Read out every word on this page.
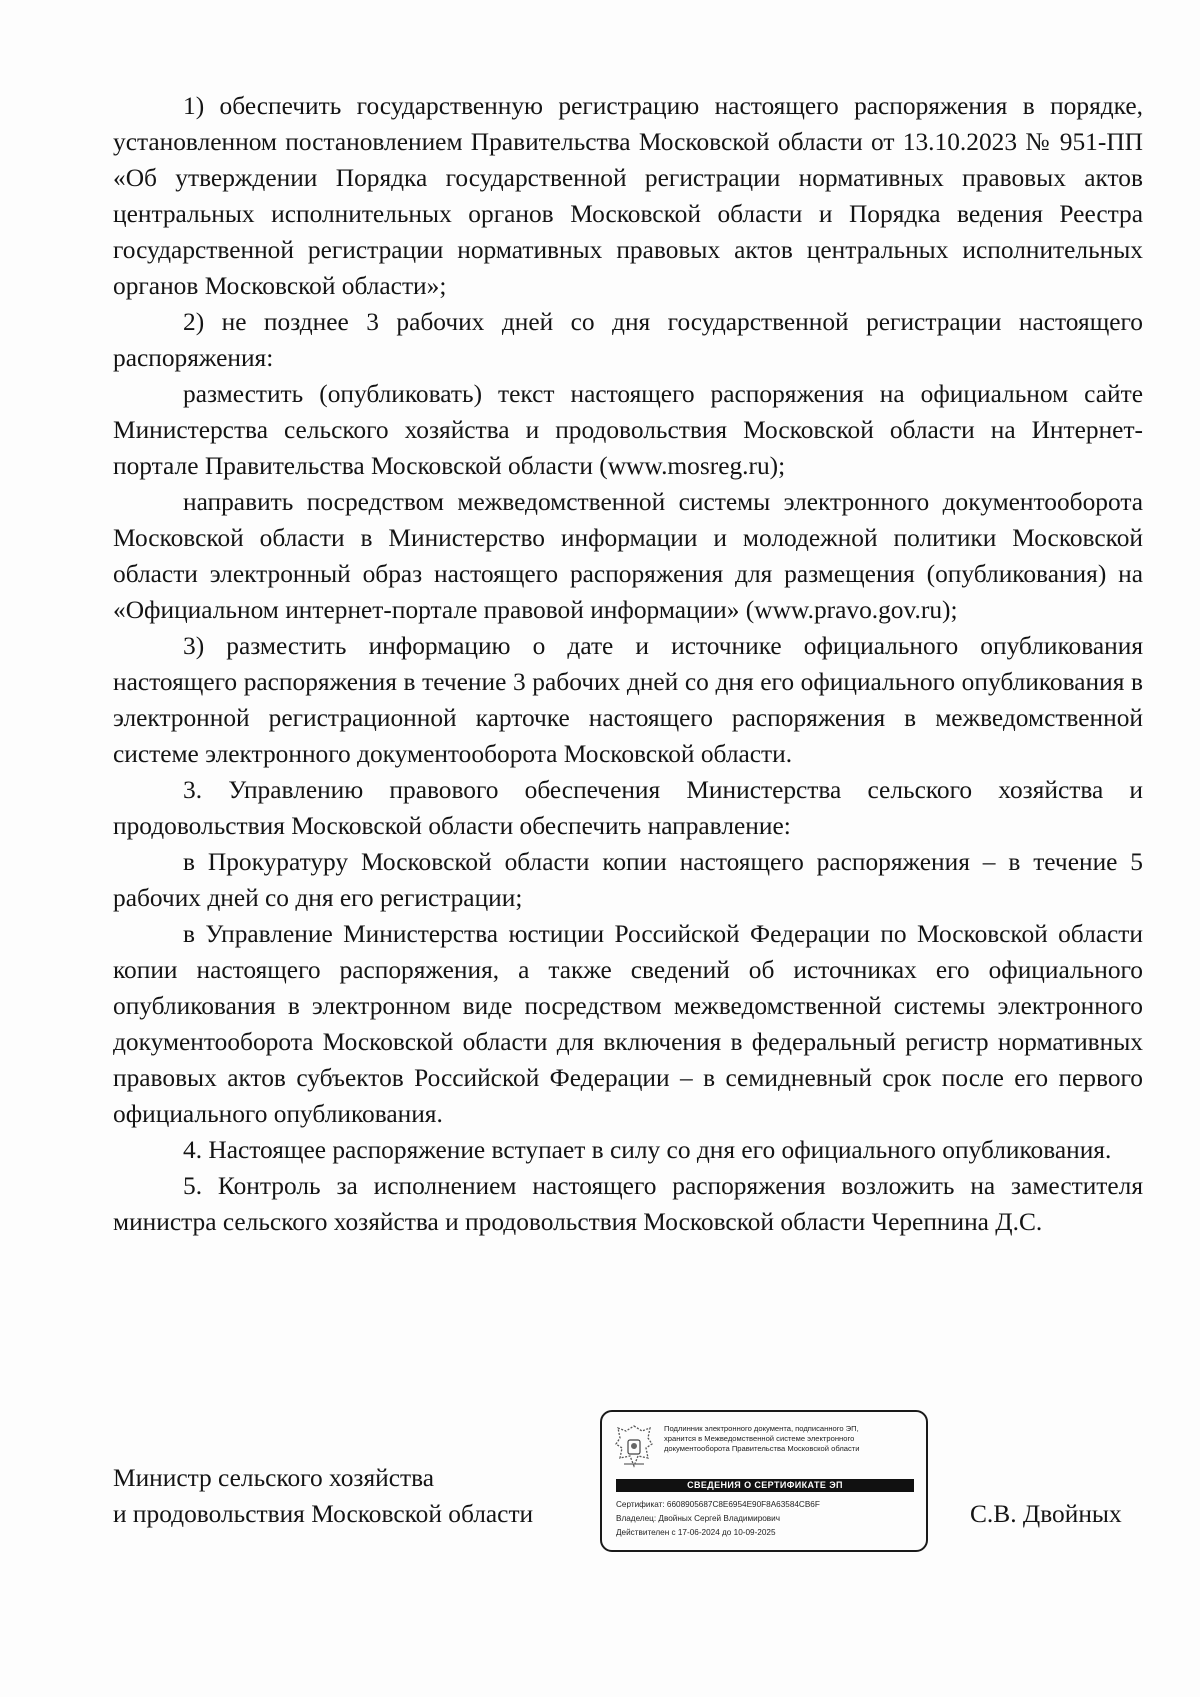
1) обеспечить государственную регистрацию настоящего распоряжения в порядке, установленном постановлением Правительства Московской области от 13.10.2023 № 951-ПП «Об утверждении Порядка государственной регистрации нормативных правовых актов центральных исполнительных органов Московской области и Порядка ведения Реестра государственной регистрации нормативных правовых актов центральных исполнительных органов Московской области»;

2) не позднее 3 рабочих дней со дня государственной регистрации настоящего распоряжения:

разместить (опубликовать) текст настоящего распоряжения на официальном сайте Министерства сельского хозяйства и продовольствия Московской области на Интернет-портале Правительства Московской области (www.mosreg.ru);

направить посредством межведомственной системы электронного документооборота Московской области в Министерство информации и молодежной политики Московской области электронный образ настоящего распоряжения для размещения (опубликования) на «Официальном интернет-портале правовой информации» (www.pravo.gov.ru);

3) разместить информацию о дате и источнике официального опубликования настоящего распоряжения в течение 3 рабочих дней со дня его официального опубликования в электронной регистрационной карточке настоящего распоряжения в межведомственной системе электронного документооборота Московской области.

3. Управлению правового обеспечения Министерства сельского хозяйства и продовольствия Московской области обеспечить направление:

в Прокуратуру Московской области копии настоящего распоряжения – в течение 5 рабочих дней со дня его регистрации;

в Управление Министерства юстиции Российской Федерации по Московской области копии настоящего распоряжения, а также сведений об источниках его официального опубликования в электронном виде посредством межведомственной системы электронного документооборота Московской области для включения в федеральный регистр нормативных правовых актов субъектов Российской Федерации – в семидневный срок после его первого официального опубликования.

4. Настоящее распоряжение вступает в силу со дня его официального опубликования.

5. Контроль за исполнением настоящего распоряжения возложить на заместителя министра сельского хозяйства и продовольствия Московской области Черепнина Д.С.

Министр сельского хозяйства
и продовольствия Московской области
Подлинник электронного документа, подписанного ЭП,
хранится в Межведомственной системе электронного
документооборота Правительства Московской области
СВЕДЕНИЯ О СЕРТИФИКАТЕ ЭП
Сертификат: 6608905687C8E6954E90F8A63584CB6F
Владелец: Двойных Сергей Владимирович
Действителен с 17-06-2024 до 10-09-2025
С.В. Двойных
